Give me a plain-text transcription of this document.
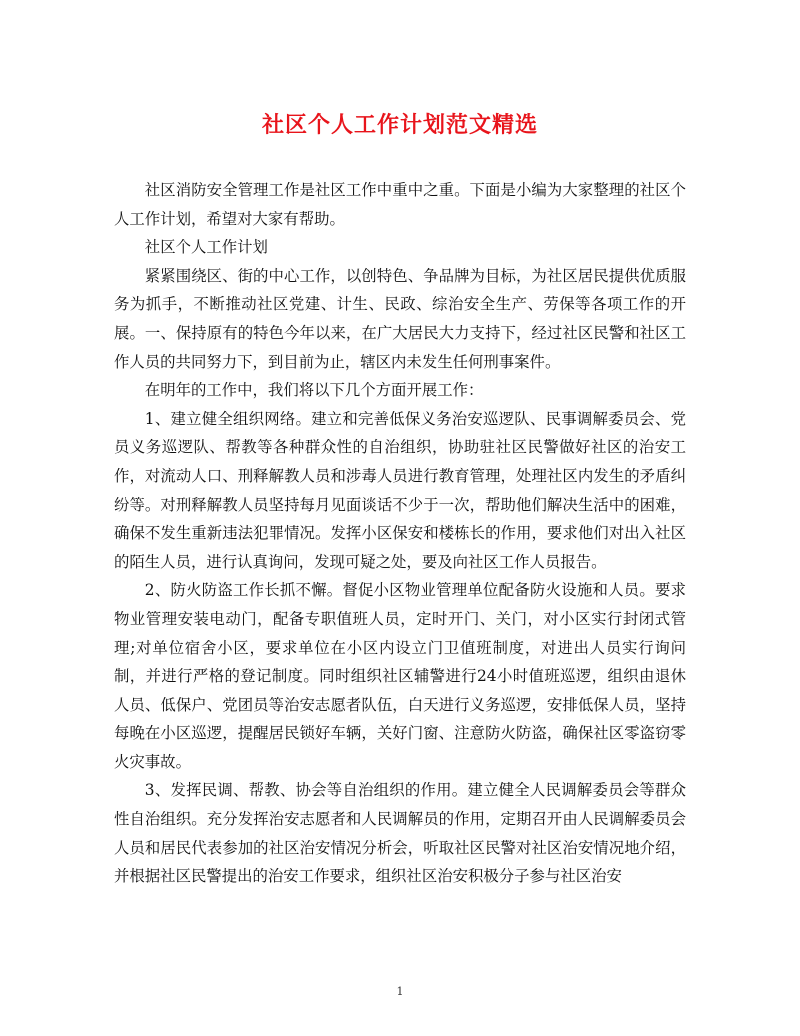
社区个人工作计划范文精选

社区消防安全管理工作是社区工作中重中之重。下面是小编为大家整理的社区个人工作计划，希望对大家有帮助。

社区个人工作计划

紧紧围绕区、街的中心工作，以创特色、争品牌为目标，为社区居民提供优质服务为抓手，不断推动社区党建、计生、民政、综治安全生产、劳保等各项工作的开展。一、保持原有的特色今年以来，在广大居民大力支持下，经过社区民警和社区工作人员的共同努力下，到目前为止，辖区内未发生任何刑事案件。

在明年的工作中，我们将以下几个方面开展工作：

1、建立健全组织网络。建立和完善低保义务治安巡逻队、民事调解委员会、党员义务巡逻队、帮教等各种群众性的自治组织，协助驻社区民警做好社区的治安工作，对流动人口、刑释解教人员和涉毒人员进行教育管理，处理社区内发生的矛盾纠纷等。对刑释解教人员坚持每月见面谈话不少于一次，帮助他们解决生活中的困难，确保不发生重新违法犯罪情况。发挥小区保安和楼栋长的作用，要求他们对出入社区的陌生人员，进行认真询问，发现可疑之处，要及向社区工作人员报告。

2、防火防盗工作长抓不懈。督促小区物业管理单位配备防火设施和人员。要求物业管理安装电动门，配备专职值班人员，定时开门、关门，对小区实行封闭式管理;对单位宿舍小区，要求单位在小区内设立门卫值班制度，对进出人员实行询问制，并进行严格的登记制度。同时组织社区辅警进行24小时值班巡逻，组织由退休人员、低保户、党团员等治安志愿者队伍，白天进行义务巡逻，安排低保人员，坚持每晚在小区巡逻，提醒居民锁好车辆，关好门窗、注意防火防盗，确保社区零盗窃零火灾事故。

3、发挥民调、帮教、协会等自治组织的作用。建立健全人民调解委员会等群众性自治组织。充分发挥治安志愿者和人民调解员的作用，定期召开由人民调解委员会人员和居民代表参加的社区治安情况分析会，听取社区民警对社区治安情况地介绍，并根据社区民警提出的治安工作要求，组织社区治安积极分子参与社区治安

1
